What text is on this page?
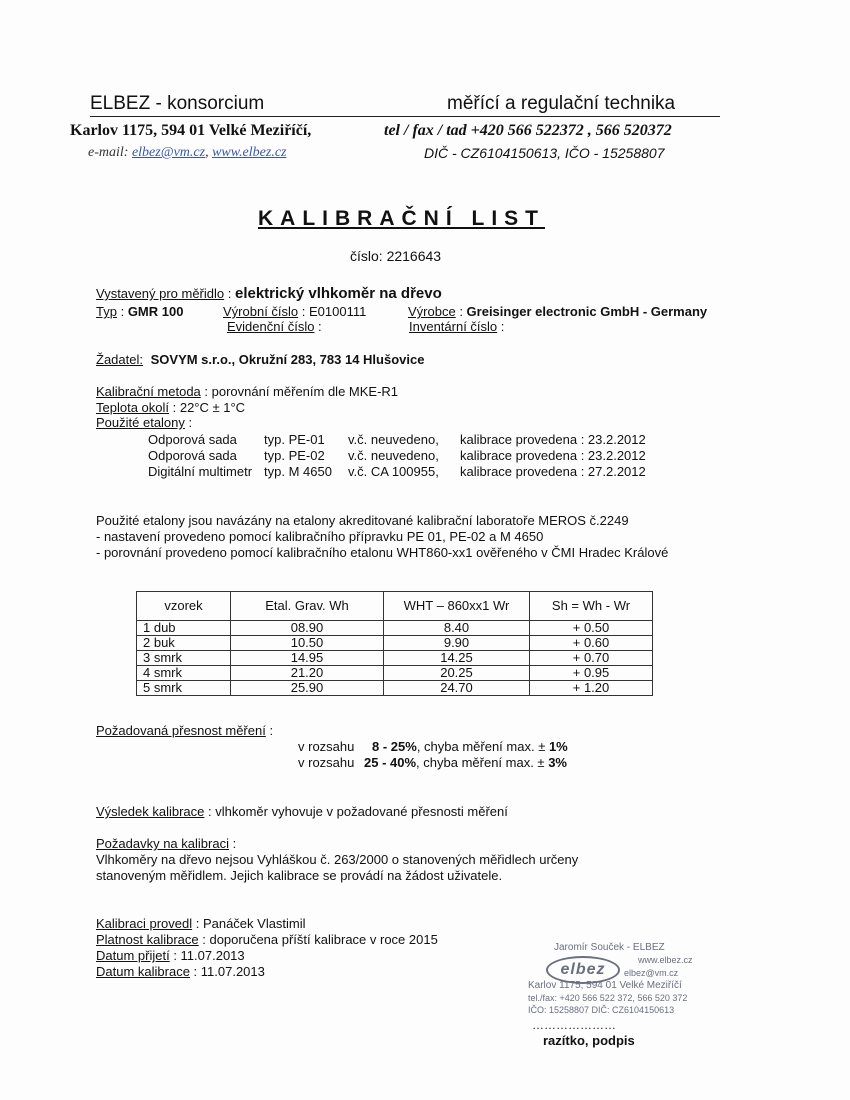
ELBEZ - konsorcium	měřící a regulační technika
Karlov 1175, 594 01 Velké Meziříčí,	tel / fax / tad +420 566 522372 , 566 520372
e-mail: elbez@vm.cz, www.elbez.cz	DIČ - CZ6104150613, IČO - 15258807
KALIBRAČNÍ LIST
číslo: 2216643
Vystavený pro měřidlo : elektrický vlhkoměr na dřevo
Typ : GMR 100	Výrobní číslo : E0100111	Výrobce : Greisinger electronic GmbH - Germany
Evidenční číslo :	Inventární číslo :
Žadatel: SOVYM s.r.o., Okružní 283, 783 14 Hlušovice
Kalibrační metoda : porovnání měřením dle MKE-R1
Teplota okolí : 22°C ± 1°C
Použité etalony :
Odporová sada typ. PE-01 v.č. neuvedeno, kalibrace provedena : 23.2.2012
Odporová sada typ. PE-02 v.č. neuvedeno, kalibrace provedena : 23.2.2012
Digitální multimetr typ. M 4650 v.č. CA 100955, kalibrace provedena : 27.2.2012
Použité etalony jsou navázány na etalony akreditované kalibrační laboratoře MEROS č.2249
- nastavení provedeno pomocí kalibračního přípravku PE 01, PE-02 a M 4650
- porovnání provedeno pomocí kalibračního etalonu WHT860-xx1 ověřeného v ČMI Hradec Králové
vzorek	Etal. Grav. Wh	WHT – 860xx1 Wr	Sh = Wh - Wr
1 dub	08.90	8.40	+ 0.50
2 buk	10.50	9.90	+ 0.60
3 smrk	14.95	14.25	+ 0.70
4 smrk	21.20	20.25	+ 0.95
5 smrk	25.90	24.70	+ 1.20
Požadovaná přesnost měření :
v rozsahu 8 - 25%, chyba měření max. ± 1%
v rozsahu 25 - 40%, chyba měření max. ± 3%
Výsledek kalibrace : vlhkoměr vyhovuje v požadované přesnosti měření
Požadavky na kalibraci :
Vlhkoměry na dřevo nejsou Vyhláškou č. 263/2000 o stanovených měřidlech určeny
stanoveným měřidlem. Jejich kalibrace se provádí na žádost uživatele.
Kalibraci provedl : Panáček Vlastimil
Platnost kalibrace : doporučena příští kalibrace v roce 2015
Datum přijetí : 11.07.2013
Datum kalibrace : 11.07.2013
Jaromír Souček - ELBEZ
elbez
www.elbez.cz
elbez@vm.cz
Karlov 1175, 594 01 Velké Meziříčí
tel./fax: +420 566 522 372, 566 520 372
IČO: 15258807 DIČ: CZ6104150613
…………………
razítko, podpis
